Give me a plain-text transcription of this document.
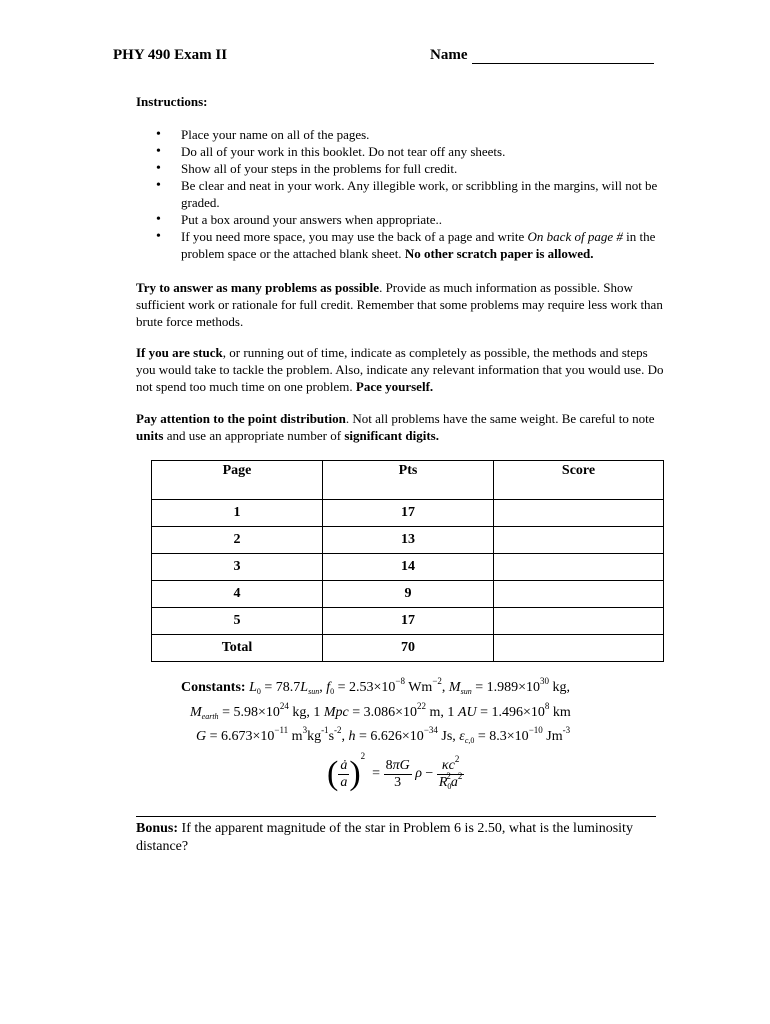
PHY 490 Exam II	Name
Instructions:
• Place your name on all of the pages.
• Do all of your work in this booklet. Do not tear off any sheets.
• Show all of your steps in the problems for full credit.
• Be clear and neat in your work. Any illegible work, or scribbling in the margins, will not be graded.
• Put a box around your answers when appropriate..
• If you need more space, you may use the back of a page and write On back of page # in the problem space or the attached blank sheet. No other scratch paper is allowed.
Try to answer as many problems as possible. Provide as much information as possible. Show sufficient work or rationale for full credit. Remember that some problems may require less work than brute force methods.
If you are stuck, or running out of time, indicate as completely as possible, the methods and steps you would take to tackle the problem. Also, indicate any relevant information that you would use. Do not spend too much time on one problem. Pace yourself.
Pay attention to the point distribution. Not all problems have the same weight. Be careful to note units and use an appropriate number of significant digits.
Page	Pts	Score
1	17	
2	13	
3	14	
4	9	
5	17	
Total	70	
Constants: $L_0 = 78.7L_{sun}$, $f_0 = 2.53\times 10^{-8}$ $Wm^{-2}$, $M_{sun} = 1.989\times 10^{30}$ kg,
$M_{earth} = 5.98\times 10^{24}$ kg, 1 Mpc = $3.086\times 10^{22}$ m, 1 AU = $1.496\times 10^8$ km
$G = 6.673\times 10^{-11}$ $m^3kg^{-1}s^{-2}$, $h = 6.626\times 10^{-34}$ Js, $\varepsilon_{c,0} = 8.3\times 10^{-10}$ $Jm^{-3}$
( $\frac{ȧ}{a} )^2 = \frac{8\pi G}{3}$ $\rho - \frac{\kappa c^2}{R_0^2a^2}$
Bonus: If the apparent magnitude of the star in Problem 6 is 2.50, what is the luminosity distance?
